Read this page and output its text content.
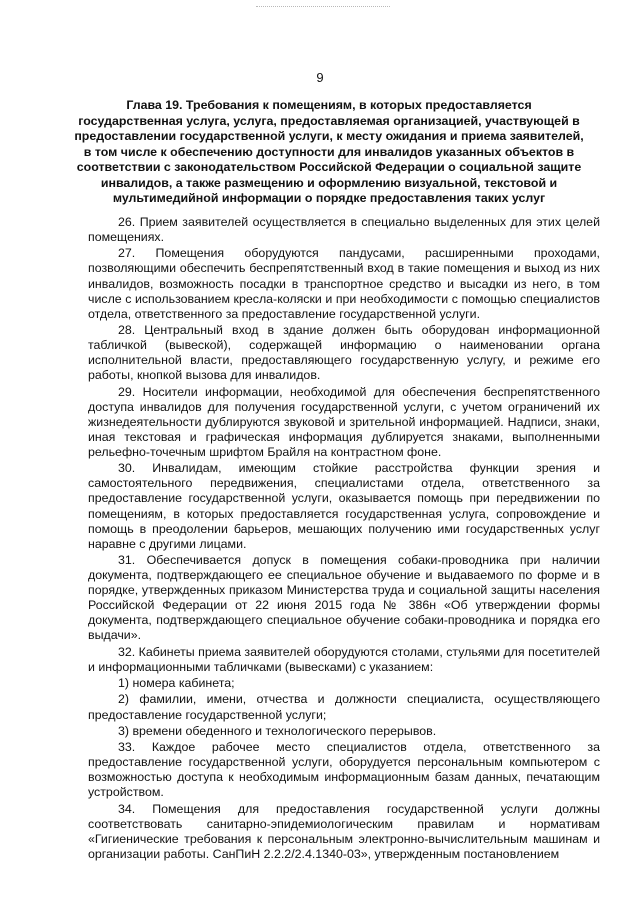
9
Глава 19. Требования к помещениям, в которых предоставляется
государственная услуга, услуга, предоставляемая организацией, участвующей в
предоставлении государственной услуги, к месту ожидания и приема заявителей,
в том числе к обеспечению доступности для инвалидов указанных объектов в
соответствии с законодательством Российской Федерации о социальной защите
инвалидов, а также размещению и оформлению визуальной, текстовой и
мультимедийной информации о порядке предоставления таких услуг

26. Прием заявителей осуществляется в специально выделенных для этих целей помещениях.

27. Помещения оборудуются пандусами, расширенными проходами, позволяющими обеспечить беспрепятственный вход в такие помещения и выход из них инвалидов, возможность посадки в транспортное средство и высадки из него, в том числе с использованием кресла-коляски и при необходимости с помощью специалистов отдела, ответственного за предоставление государственной услуги.

28. Центральный вход в здание должен быть оборудован информационной табличкой (вывеской), содержащей информацию о наименовании органа исполнительной власти, предоставляющего государственную услугу, и режиме его работы, кнопкой вызова для инвалидов.

29. Носители информации, необходимой для обеспечения беспрепятственного доступа инвалидов для получения государственной услуги, с учетом ограничений их жизнедеятельности дублируются звуковой и зрительной информацией. Надписи, знаки, иная текстовая и графическая информация дублируется знаками, выполненными рельефно-точечным шрифтом Брайля на контрастном фоне.

30. Инвалидам, имеющим стойкие расстройства функции зрения и самостоятельного передвижения, специалистами отдела, ответственного за предоставление государственной услуги, оказывается помощь при передвижении по помещениям, в которых предоставляется государственная услуга, сопровождение и помощь в преодолении барьеров, мешающих получению ими государственных услуг наравне с другими лицами.

31. Обеспечивается допуск в помещения собаки-проводника при наличии документа, подтверждающего ее специальное обучение и выдаваемого по форме и в порядке, утвержденных приказом Министерства труда и социальной защиты населения Российской Федерации от 22 июня 2015 года № 386н «Об утверждении формы документа, подтверждающего специальное обучение собаки-проводника и порядка его выдачи».

32. Кабинеты приема заявителей оборудуются столами, стульями для посетителей и информационными табличками (вывесками) с указанием:

1) номера кабинета;

2) фамилии, имени, отчества и должности специалиста, осуществляющего предоставление государственной услуги;

3) времени обеденного и технологического перерывов.

33. Каждое рабочее место специалистов отдела, ответственного за предоставление государственной услуги, оборудуется персональным компьютером с возможностью доступа к необходимым информационным базам данных, печатающим устройством.

34. Помещения для предоставления государственной услуги должны соответствовать санитарно-эпидемиологическим правилам и нормативам «Гигиенические требования к персональным электронно-вычислительным машинам и организации работы. СанПиН 2.2.2/2.4.1340-03», утвержденным постановлением
